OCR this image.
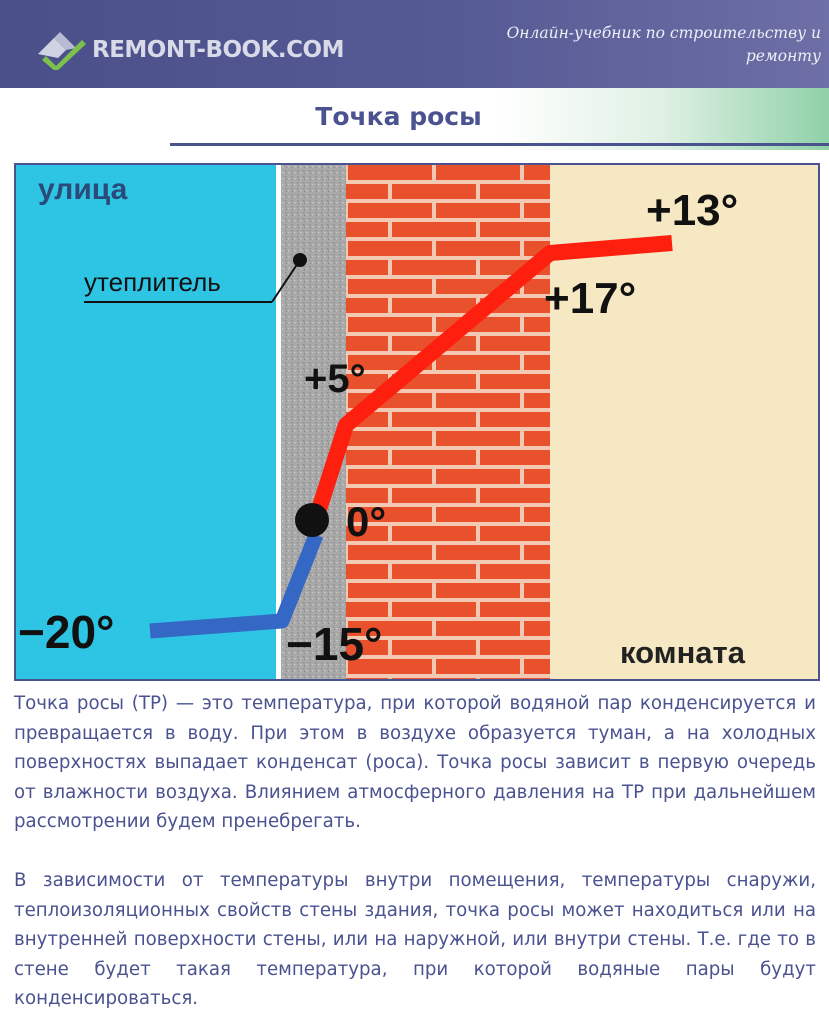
REMONT-BOOK.COM
Онлайн-учебник по строительству и ремонту
Точка росы
улица
утеплитель
комната
−20°	−15°
0°
+5°
+17°
+13°

Точка росы (ТР) — это температура, при которой водяной пар конденсируется и превращается в воду. При этом в воздухе образуется туман, а на холодных поверхностях выпадает конденсат (роса). Точка росы зависит в первую очередь от влажности воздуха. Влиянием атмосферного давления на ТР при дальнейшем рассмотрении будем пренебрегать.

В зависимости от температуры внутри помещения, температуры снаружи, теплоизоляционных свойств стены здания, точка росы может находиться или на внутренней поверхности стены, или на наружной, или внутри стены. Т.е. где то в стене будет такая температура, при которой водяные пары будут конденсироваться.
